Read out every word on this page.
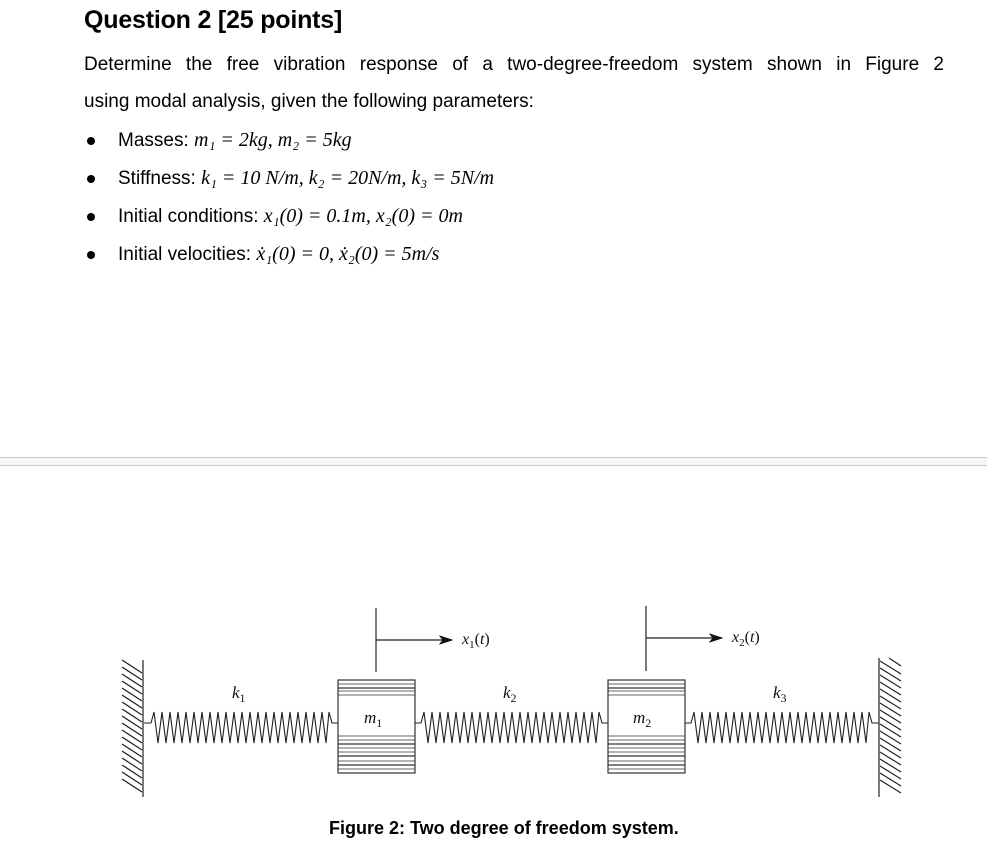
Question 2 [25 points]
Determine the free vibration response of a two-degree-freedom system shown in Figure 2
using modal analysis, given the following parameters:
Masses: m₁ = 2kg, m₂ = 5kg
Stiffness: k₁ = 10 N/m, k₂ = 20N/m, k₃ = 5N/m
Initial conditions: x₁(0) = 0.1m, x₂(0) = 0m
Initial velocities: ẋ₁(0) = 0, ẋ₂(0) = 5m/s
$k_1$	$k_2$	$k_3$
$m_1$	$m_2$
$x_1(t)$	$x_2(t)$
Figure 2: Two degree of freedom system.
